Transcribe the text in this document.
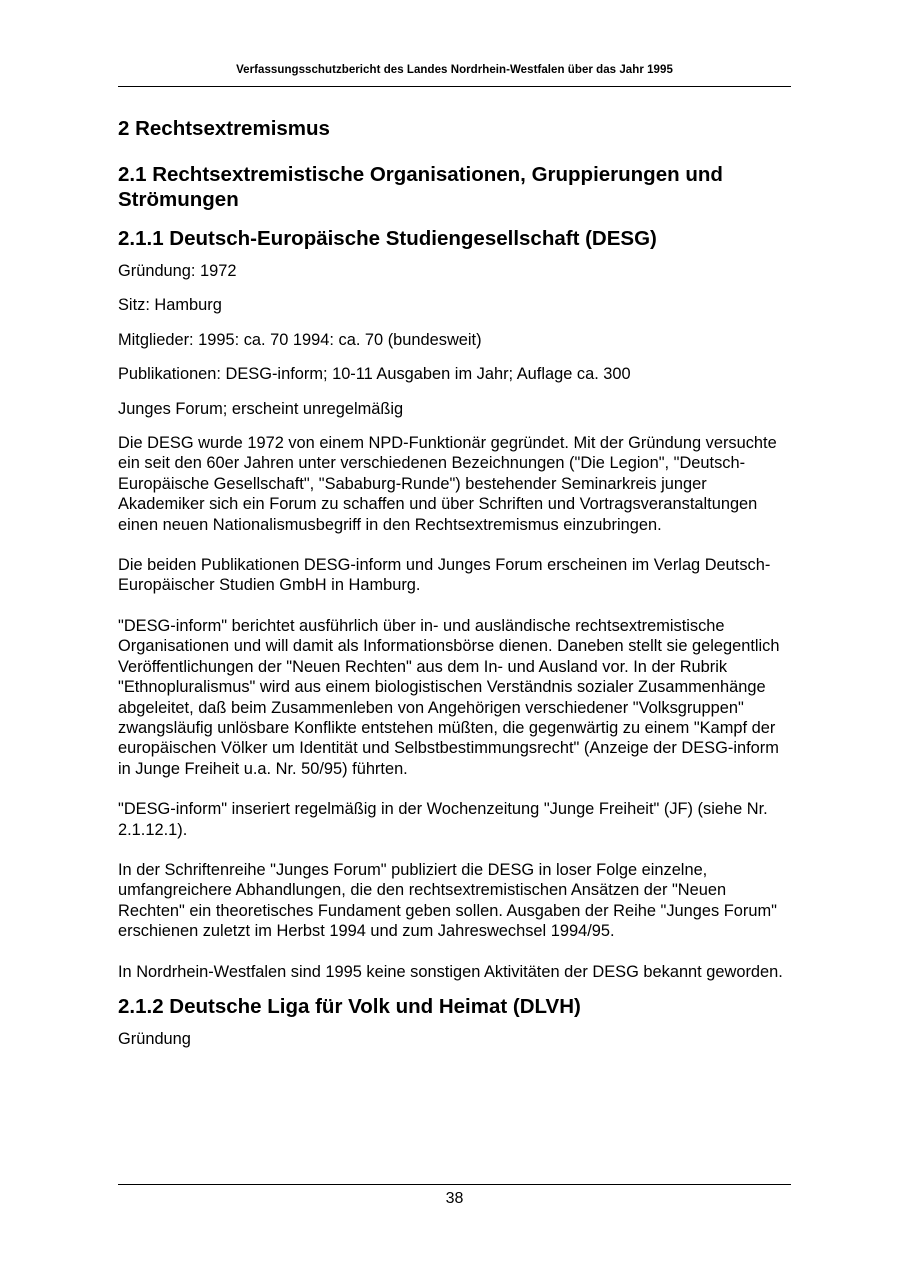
Verfassungsschutzbericht des Landes Nordrhein-Westfalen über das Jahr 1995
2 Rechtsextremismus
2.1 Rechtsextremistische Organisationen, Gruppierungen und Strömungen
2.1.1 Deutsch-Europäische Studiengesellschaft (DESG)

Gründung: 1972

Sitz: Hamburg

Mitglieder: 1995: ca. 70 1994: ca. 70 (bundesweit)

Publikationen: DESG-inform; 10-11 Ausgaben im Jahr; Auflage ca. 300

Junges Forum; erscheint unregelmäßig

Die DESG wurde 1972 von einem NPD-Funktionär gegründet. Mit der Gründung versuchte ein seit den 60er Jahren unter verschiedenen Bezeichnungen ("Die Legion", "Deutsch- Europäische Gesellschaft", "Sababurg-Runde") bestehender Seminarkreis junger Akademiker sich ein Forum zu schaffen und über Schriften und Vortragsveranstaltungen einen neuen Nationalismusbegriff in den Rechtsextremismus einzubringen.

Die beiden Publikationen DESG-inform und Junges Forum erscheinen im Verlag Deutsch-Europäischer Studien GmbH in Hamburg.

"DESG-inform" berichtet ausführlich über in- und ausländische rechtsextremistische Organisationen und will damit als Informationsbörse dienen. Daneben stellt sie gelegentlich Veröffentlichungen der "Neuen Rechten" aus dem In- und Ausland vor. In der Rubrik "Ethnopluralismus" wird aus einem biologistischen Verständnis sozialer Zusammenhänge abgeleitet, daß beim Zusammenleben von Angehörigen verschiedener "Volksgruppen" zwangsläufig unlösbare Konflikte entstehen müßten, die gegenwärtig zu einem "Kampf der europäischen Völker um Identität und Selbstbestimmungsrecht" (Anzeige der DESG-inform in Junge Freiheit u.a. Nr. 50/95) führten.

"DESG-inform" inseriert regelmäßig in der Wochenzeitung "Junge Freiheit" (JF) (siehe Nr. 2.1.12.1).

In der Schriftenreihe "Junges Forum" publiziert die DESG in loser Folge einzelne, umfangreichere Abhandlungen, die den rechtsextremistischen Ansätzen der "Neuen Rechten" ein theoretisches Fundament geben sollen. Ausgaben der Reihe "Junges Forum" erschienen zuletzt im Herbst 1994 und zum Jahreswechsel 1994/95.

In Nordrhein-Westfalen sind 1995 keine sonstigen Aktivitäten der DESG bekannt geworden.

2.1.2 Deutsche Liga für Volk und Heimat (DLVH)

Gründung

38
